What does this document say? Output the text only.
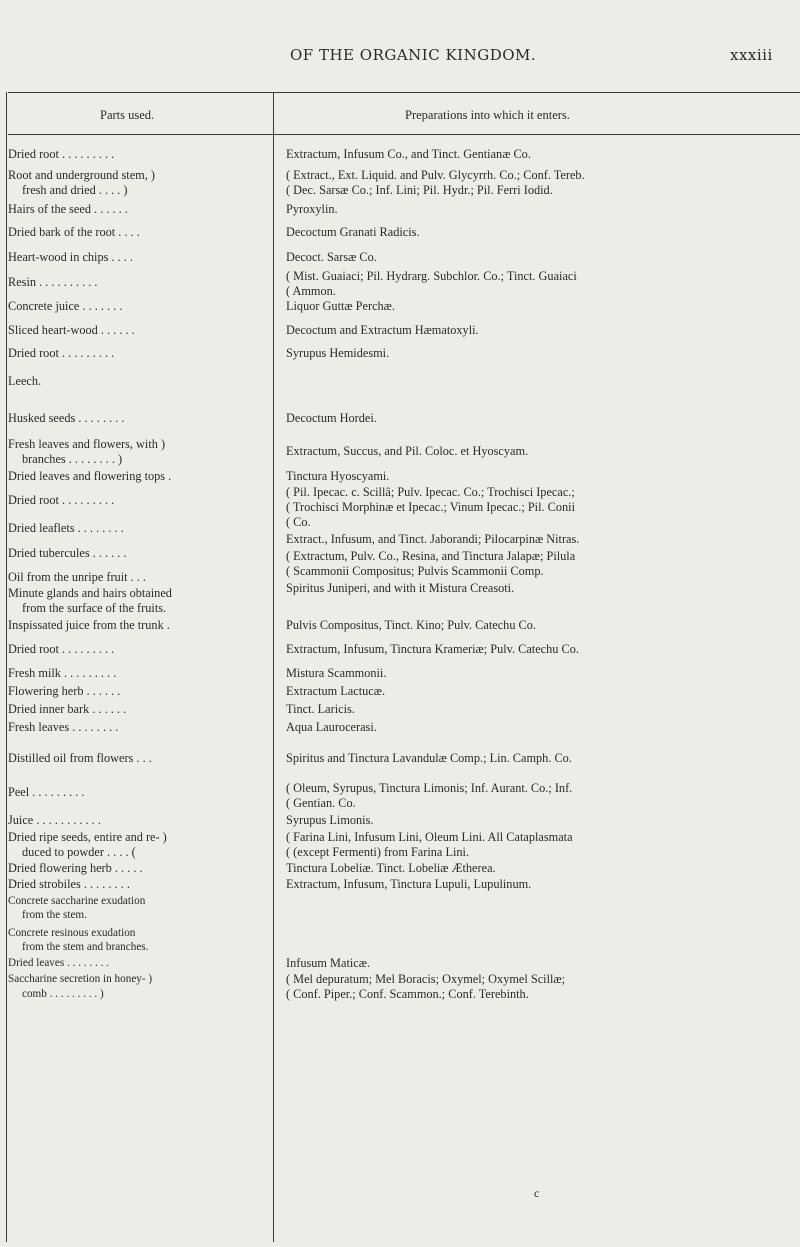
OF THE ORGANIC KINGDOM.	xxxiii
Parts used.	Preparations into which it enters.
Dried root . . . . . . . . .
Root and underground stem, )
fresh and dried . . . . )
Hairs of the seed . . . . . .
Dried bark of the root . . . .
Heart-wood in chips . . . .
Resin . . . . . . . . . .
Concrete juice . . . . . . .
Sliced heart-wood . . . . . .
Dried root . . . . . . . . .
Leech.
Husked seeds . . . . . . . .
Fresh leaves and flowers, with )
branches . . . . . . . . )
Dried leaves and flowering tops .
Dried root . . . . . . . . .
Dried leaflets . . . . . . . .
Dried tubercules . . . . . .
Oil from the unripe fruit . . .
Minute glands and hairs obtained
from the surface of the fruits.
Inspissated juice from the trunk .
Dried root . . . . . . . . .
Fresh milk . . . . . . . . .
Flowering herb . . . . . .
Dried inner bark . . . . . .
Fresh leaves . . . . . . . .
Distilled oil from flowers . . .
Peel . . . . . . . . .
Juice . . . . . . . . . . .
Dried ripe seeds, entire and re- )
duced to powder . . . . (
Dried flowering herb . . . . .
Dried strobiles . . . . . . . .
Concrete saccharine exudation
from the stem.
Concrete resinous exudation
from the stem and branches.
Dried leaves . . . . . . . .
Saccharine secretion in honey- )
comb . . . . . . . . . )
Extractum, Infusum Co., and Tinct. Gentianæ Co.
( Extract., Ext. Liquid. and Pulv. Glycyrrh. Co.; Conf. Tereb.
( Dec. Sarsæ Co.; Inf. Lini; Pil. Hydr.; Pil. Ferri Iodid.
Pyroxylin.
Decoctum Granati Radicis.
Decoct. Sarsæ Co.
( Mist. Guaiaci; Pil. Hydrarg. Subchlor. Co.; Tinct. Guaiaci
( Ammon.
Liquor Guttæ Perchæ.
Decoctum and Extractum Hæmatoxyli.
Syrupus Hemidesmi.
Decoctum Hordei.
Extractum, Succus, and Pil. Coloc. et Hyoscyam.
Tinctura Hyoscyami.
( Pil. Ipecac. c. Scillâ; Pulv. Ipecac. Co.; Trochisci Ipecac.;
( Trochisci Morphinæ et Ipecac.; Vinum Ipecac.; Pil. Conii
( Co.
Extract., Infusum, and Tinct. Jaborandi; Pilocarpinæ Nitras.
( Extractum, Pulv. Co., Resina, and Tinctura Jalapæ; Pilula
( Scammonii Compositus; Pulvis Scammonii Comp.
Spiritus Juniperi, and with it Mistura Creasoti.
Pulvis Compositus, Tinct. Kino; Pulv. Catechu Co.
Extractum, Infusum, Tinctura Krameriæ; Pulv. Catechu Co.
Mistura Scammonii.
Extractum Lactucæ.
Tinct. Laricis.
Aqua Laurocerasi.
Spiritus and Tinctura Lavandulæ Comp.; Lin. Camph. Co.
( Oleum, Syrupus, Tinctura Limonis; Inf. Aurant. Co.; Inf.
( Gentian. Co.
Syrupus Limonis.
( Farina Lini, Infusum Lini, Oleum Lini. All Cataplasmata
( (except Fermenti) from Farina Lini.
Tinctura Lobeliæ. Tinct. Lobeliæ Ætherea.
Extractum, Infusum, Tinctura Lupuli, Lupulinum.
Infusum Maticæ.
( Mel depuratum; Mel Boracis; Oxymel; Oxymel Scillæ;
( Conf. Piper.; Conf. Scammon.; Conf. Terebinth.
c
